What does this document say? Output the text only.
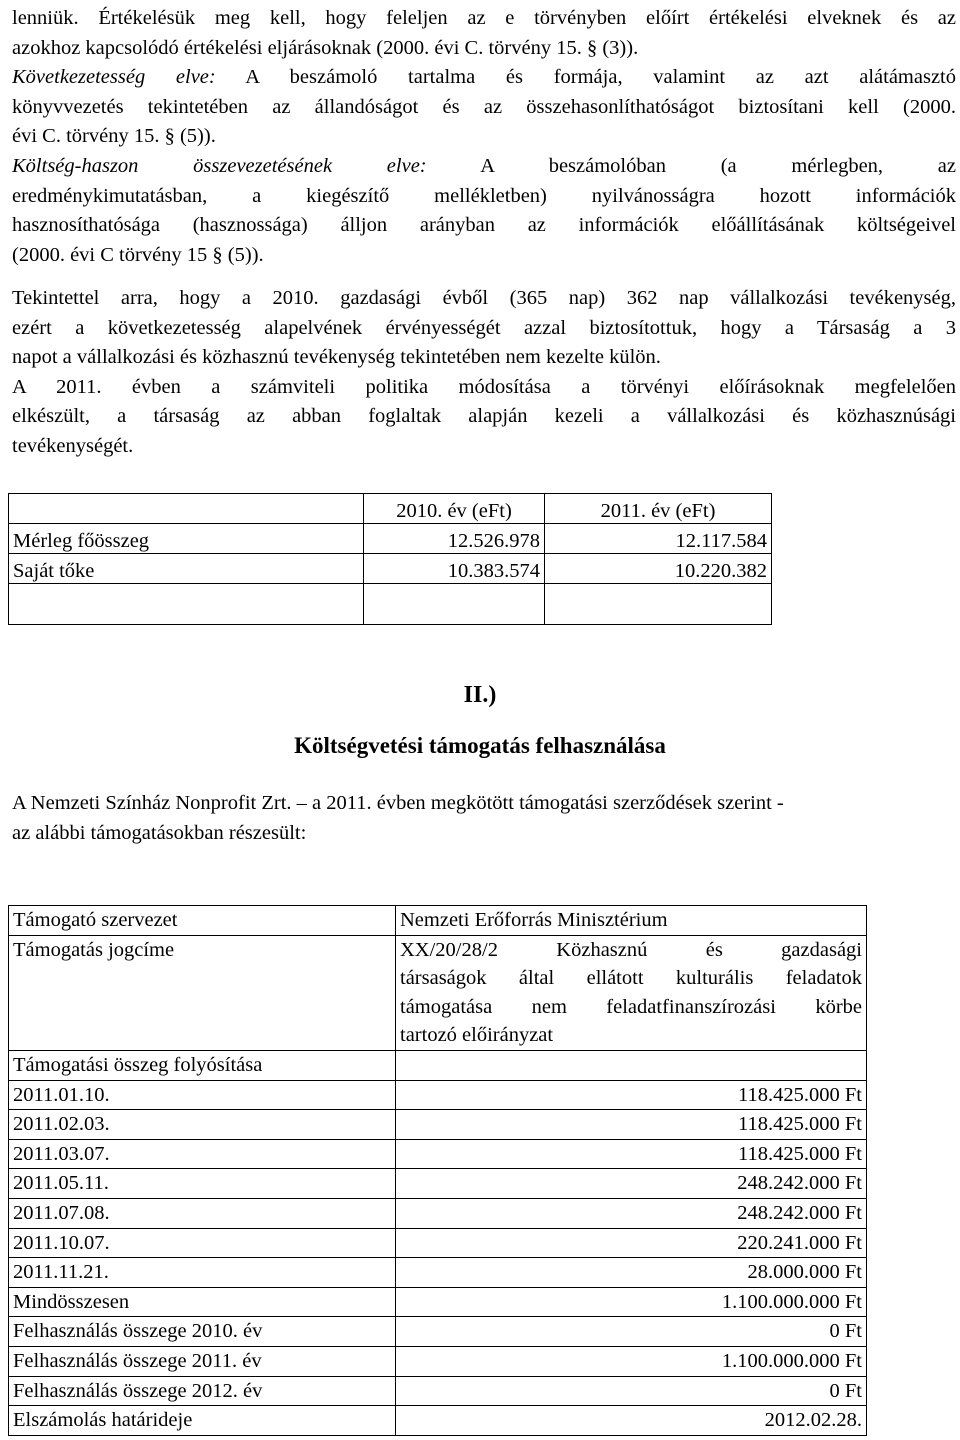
lenniük. Értékelésük meg kell, hogy feleljen az e törvényben előírt értékelési elveknek és az
azokhoz kapcsolódó értékelési eljárásoknak (2000. évi C. törvény 15. § (3)).
Következetesség elve: A beszámoló tartalma és formája, valamint az azt alátámasztó
könyvvezetés tekintetében az állandóságot és az összehasonlíthatóságot biztosítani kell (2000.
évi C. törvény 15. § (5)).
Költség-haszon összevezetésének elve: A beszámolóban (a mérlegben, az
eredménykimutatásban, a kiegészítő mellékletben) nyilvánosságra hozott információk
hasznosíthatósága (hasznossága) álljon arányban az információk előállításának költségeivel
(2000. évi C törvény 15 § (5)).
Tekintettel arra, hogy a 2010. gazdasági évből (365 nap) 362 nap vállalkozási tevékenység,
ezért a következetesség alapelvének érvényességét azzal biztosítottuk, hogy a Társaság a 3
napot a vállalkozási és közhasznú tevékenység tekintetében nem kezelte külön.
A 2011. évben a számviteli politika módosítása a törvényi előírásoknak megfelelően
elkészült, a társaság az abban foglaltak alapján kezeli a vállalkozási és közhasznúsági
tevékenységét.
	2010. év (eFt)	2011. év (eFt)
Mérleg főösszeg	12.526.978	12.117.584
Saját tőke	10.383.574	10.220.382

II.)
Költségvetési támogatás felhasználása
A Nemzeti Színház Nonprofit Zrt. – a 2011. évben megkötött támogatási szerződések szerint -
az alábbi támogatásokban részesült:
Támogató szervezet	Nemzeti Erőforrás Minisztérium
Támogatás jogcíme	XX/20/28/2 Közhasznú és gazdasági
társaságok által ellátott kulturális feladatok
támogatása nem feladatfinanszírozási körbe
tartozó előirányzat

Támogatási összeg folyósítása	
2011.01.10.	118.425.000 Ft
2011.02.03.	118.425.000 Ft
2011.03.07.	118.425.000 Ft
2011.05.11.	248.242.000 Ft
2011.07.08.	248.242.000 Ft
2011.10.07.	220.241.000 Ft
2011.11.21.	28.000.000 Ft
Mindösszesen	1.100.000.000 Ft
Felhasználás összege 2010. év	0 Ft
Felhasználás összege 2011. év	1.100.000.000 Ft
Felhasználás összege 2012. év	0 Ft
Elszámolás határideje	2012.02.28.
